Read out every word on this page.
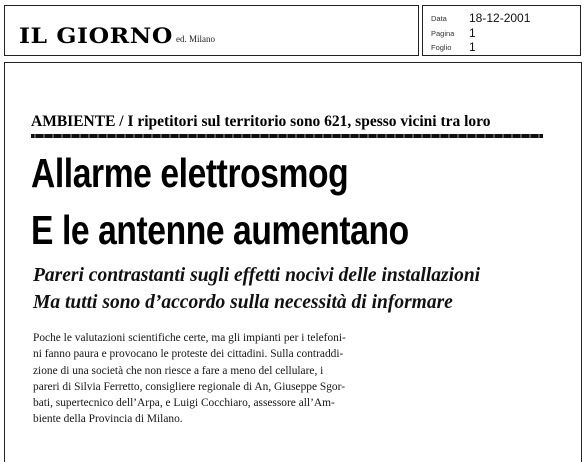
IL GIORNO ed. Milano
Data 18-12-2001
Pagina 1
Foglio 1
AMBIENTE / I ripetitori sul territorio sono 621, spesso vicini tra loro
Allarme elettrosmog
E le antenne aumentano
Pareri contrastanti sugli effetti nocivi delle installazioni
Ma tutti sono d’accordo sulla necessità di informare
Poche le valutazioni scientifiche certe, ma gli impianti per i telefoni-
ni fanno paura e provocano le proteste dei cittadini. Sulla contraddi-
zione di una società che non riesce a fare a meno del cellulare, i
pareri di Silvia Ferretto, consigliere regionale di An, Giuseppe Sgor-
bati, supertecnico dell’Arpa, e Luigi Cocchiaro, assessore all’Am-
biente della Provincia di Milano.
